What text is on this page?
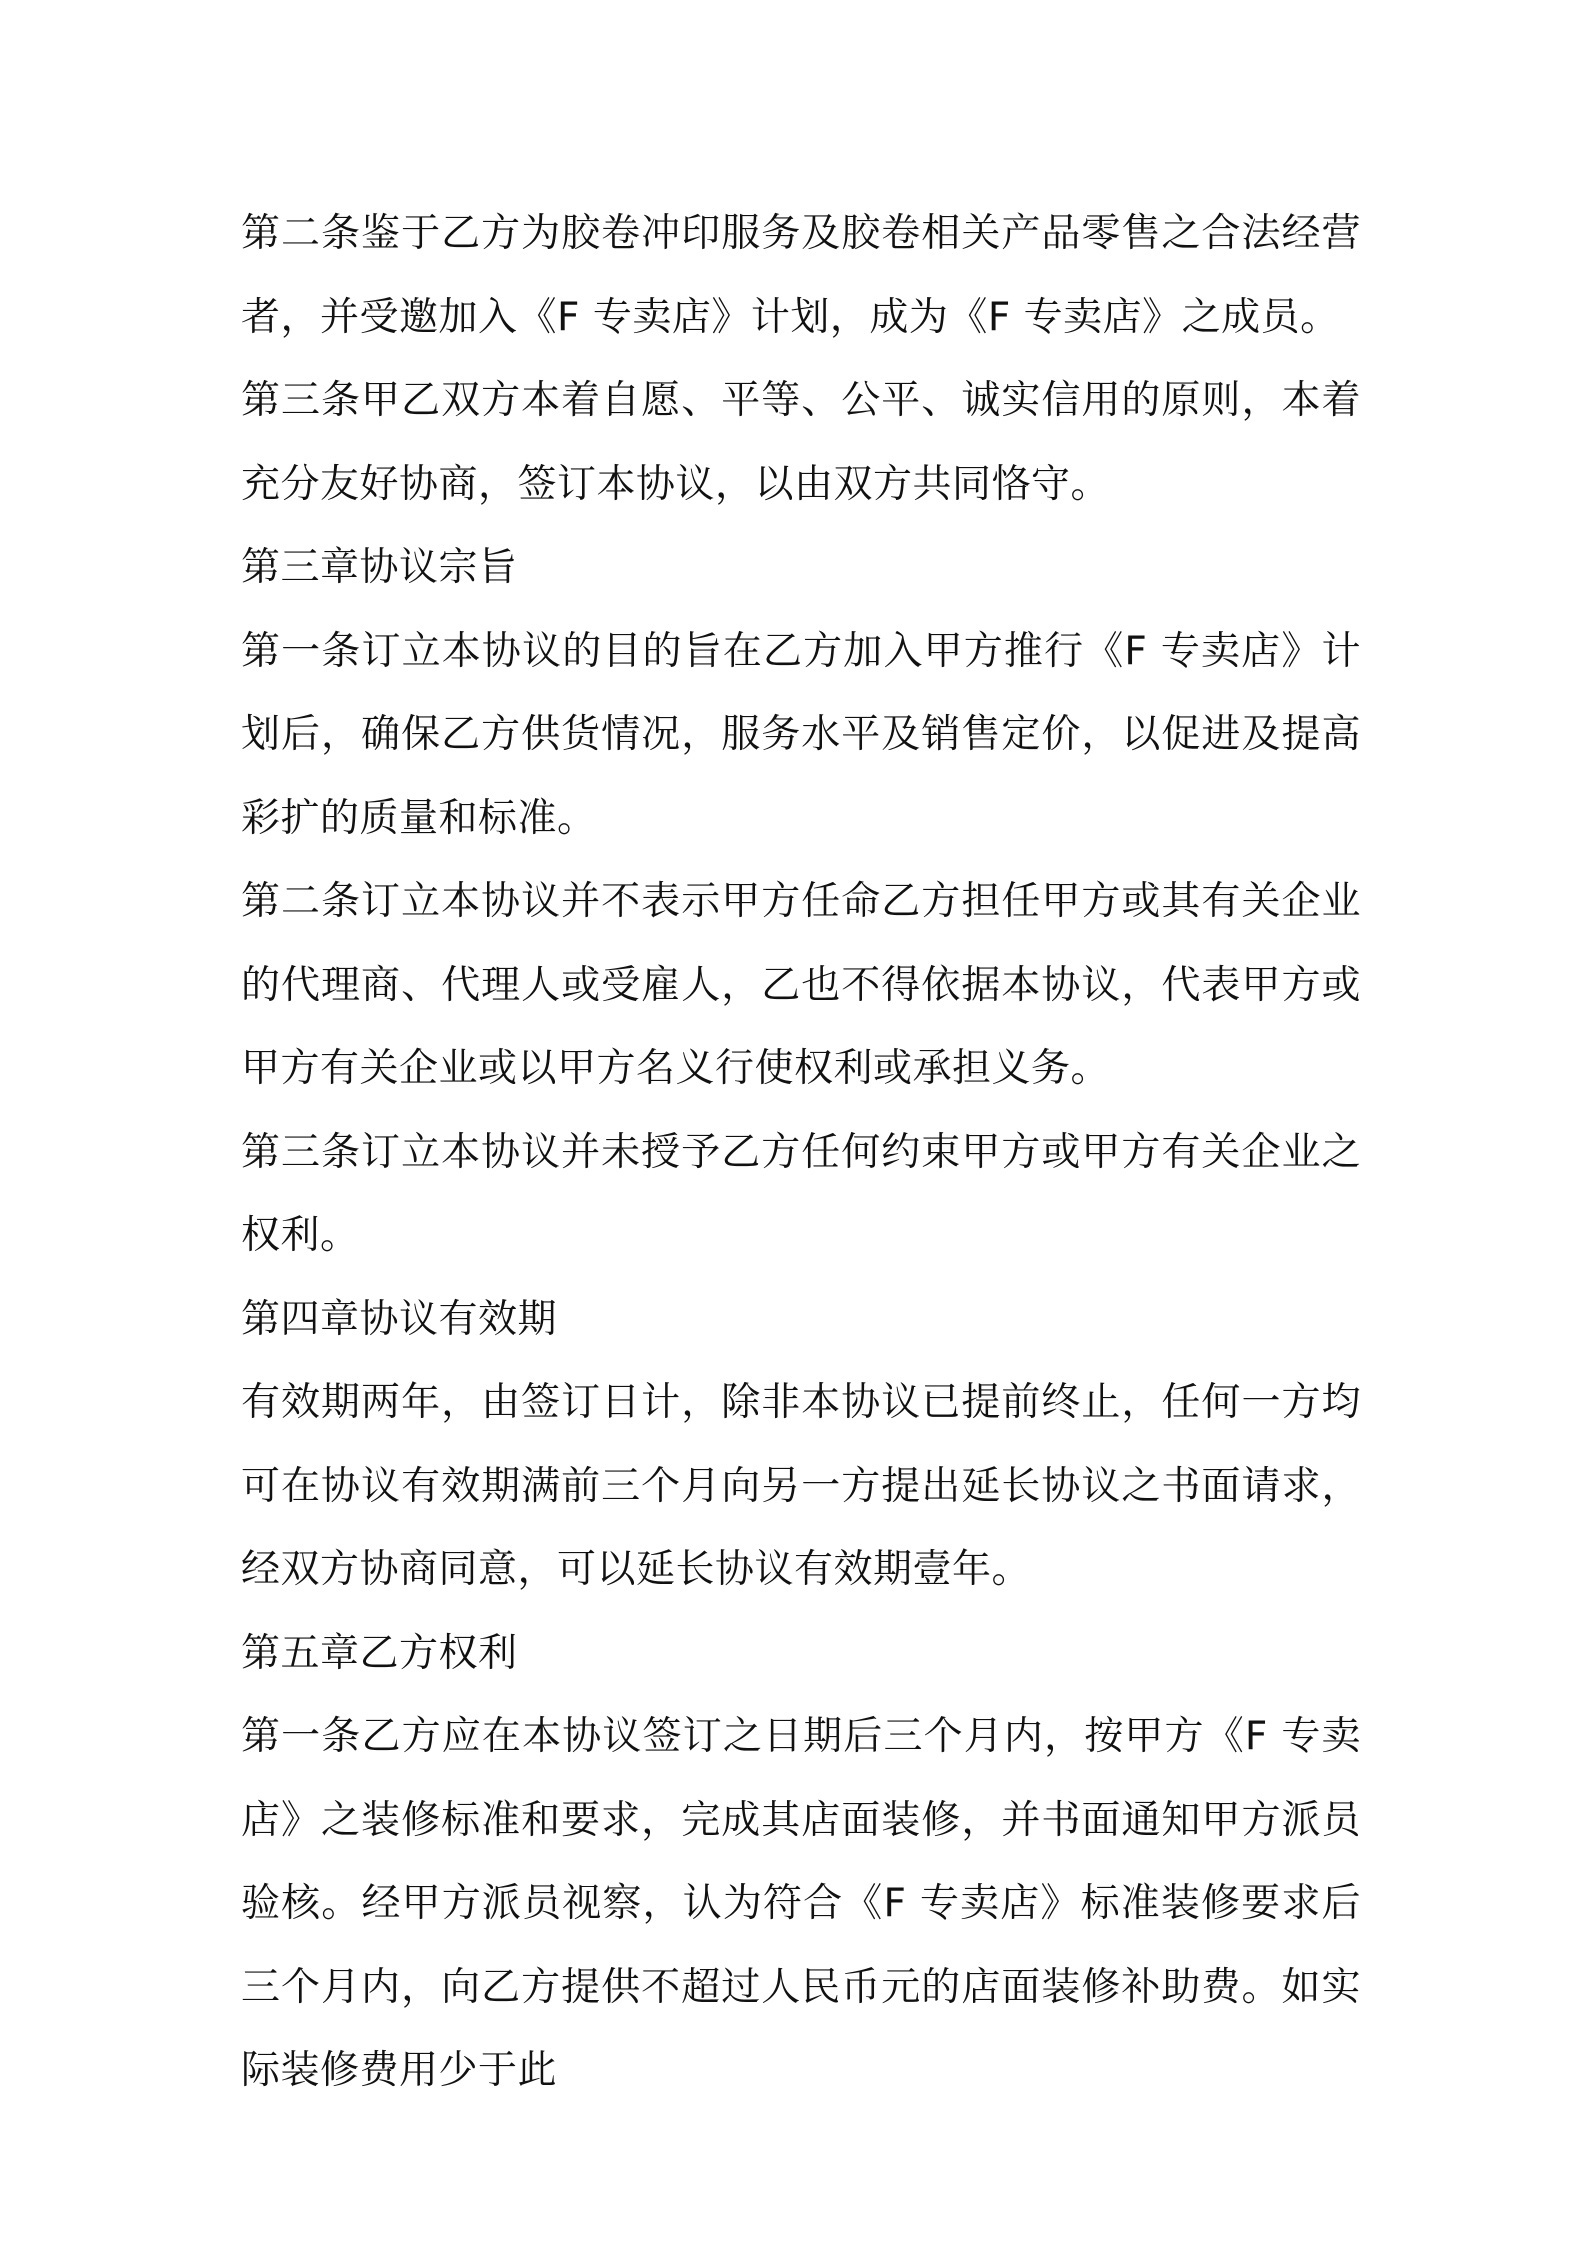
第二条鉴于乙方为胶卷冲印服务及胶卷相关产品零售之合法经营者，并受邀加入《F 专卖店》计划，成为《F 专卖店》之成员。

第三条甲乙双方本着自愿、平等、公平、诚实信用的原则，本着充分友好协商，签订本协议，以由双方共同恪守。

第三章协议宗旨

第一条订立本协议的目的旨在乙方加入甲方推行《F 专卖店》计划后，确保乙方供货情况，服务水平及销售定价，以促进及提高彩扩的质量和标准。

第二条订立本协议并不表示甲方任命乙方担任甲方或其有关企业的代理商、代理人或受雇人，乙也不得依据本协议，代表甲方或甲方有关企业或以甲方名义行使权利或承担义务。

第三条订立本协议并未授予乙方任何约束甲方或甲方有关企业之权利。

第四章协议有效期

有效期两年，由签订日计，除非本协议已提前终止，任何一方均可在协议有效期满前三个月向另一方提出延长协议之书面请求，经双方协商同意，可以延长协议有效期壹年。

第五章乙方权利

第一条乙方应在本协议签订之日期后三个月内，按甲方《F 专卖店》之装修标准和要求，完成其店面装修，并书面通知甲方派员验核。经甲方派员视察，认为符合《F 专卖店》标准装修要求后三个月内，向乙方提供不超过人民币元的店面装修补助费。如实际装修费用少于此
